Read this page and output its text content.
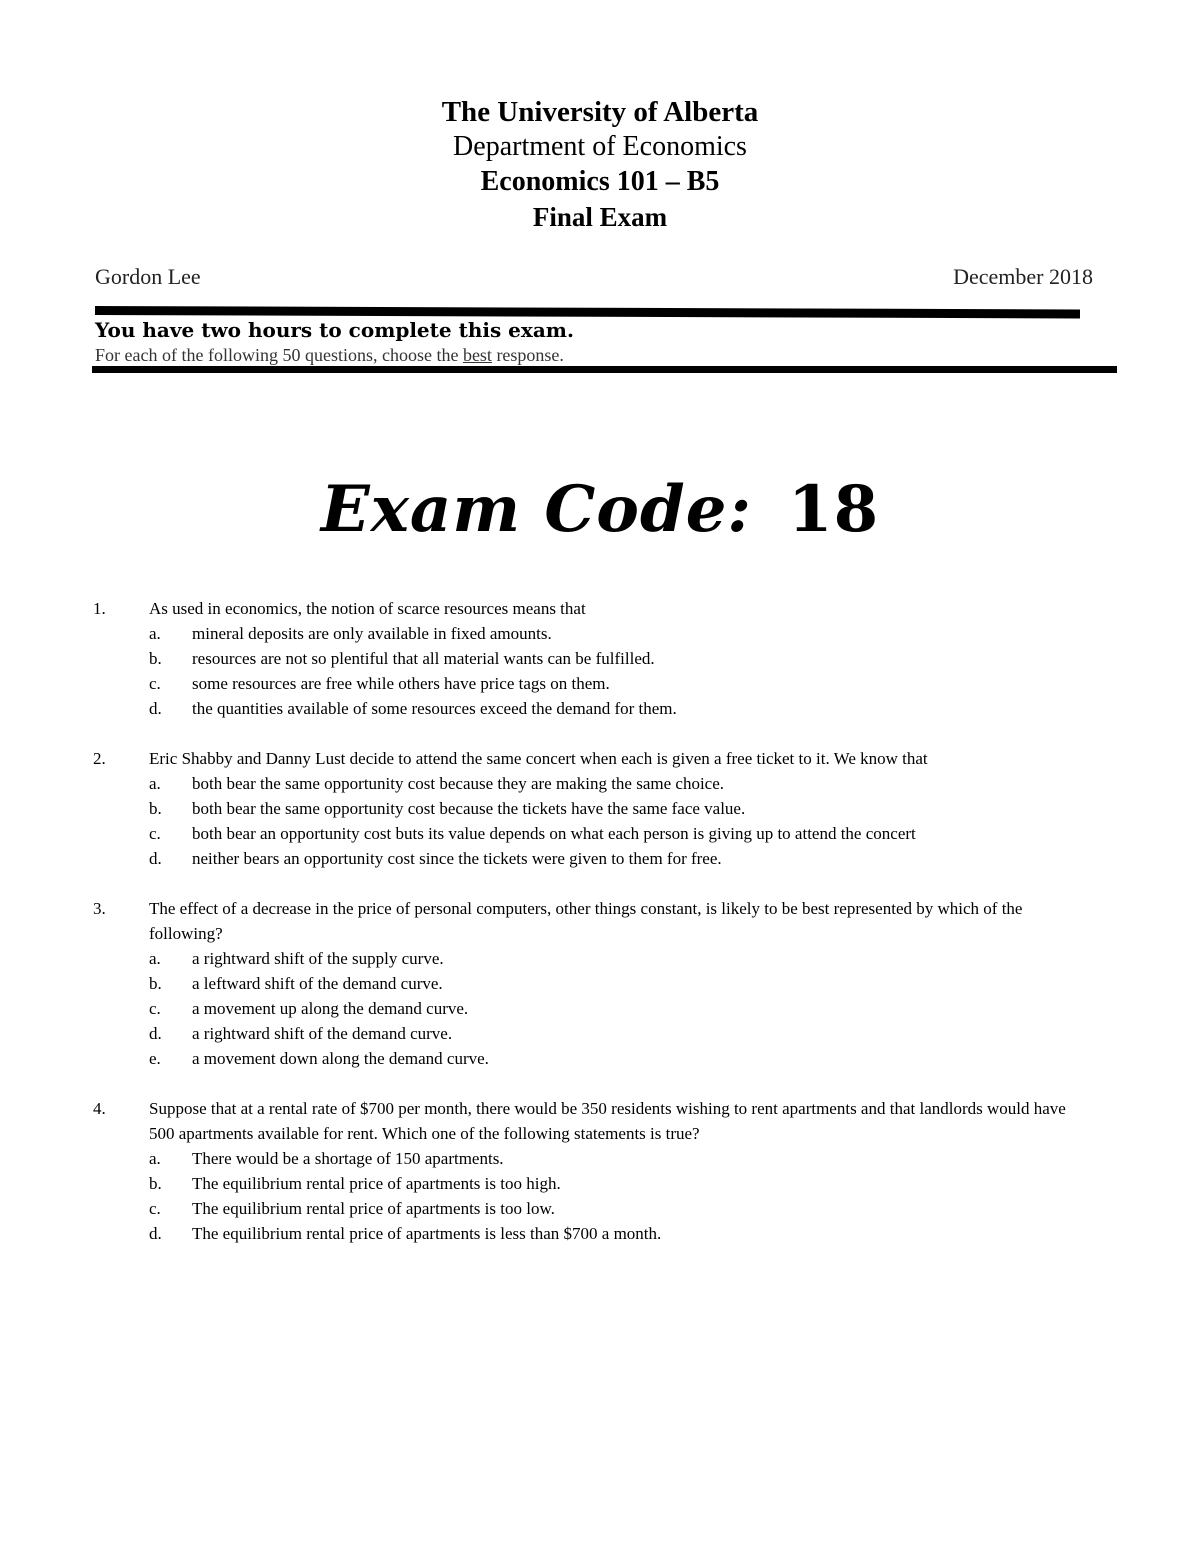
The University of Alberta
Department of Economics
Economics 101 – B5
Final Exam
Gordon Lee	December 2018
You have two hours to complete this exam.
For each of the following 50 questions, choose the best response.
Exam Code: 18
1.	As used in economics, the notion of scarce resources means that
a. mineral deposits are only available in fixed amounts.
b. resources are not so plentiful that all material wants can be fulfilled.
c. some resources are free while others have price tags on them.
d. the quantities available of some resources exceed the demand for them.
2.	Eric Shabby and Danny Lust decide to attend the same concert when each is given a free ticket to it. We know that
a. both bear the same opportunity cost because they are making the same choice.
b. both bear the same opportunity cost because the tickets have the same face value.
c. both bear an opportunity cost buts its value depends on what each person is giving up to attend the concert
d. neither bears an opportunity cost since the tickets were given to them for free.
3.	The effect of a decrease in the price of personal computers, other things constant, is likely to be best represented by which of the following?
a. a rightward shift of the supply curve.
b. a leftward shift of the demand curve.
c. a movement up along the demand curve.
d. a rightward shift of the demand curve.
e. a movement down along the demand curve.
4.	Suppose that at a rental rate of $700 per month, there would be 350 residents wishing to rent apartments and that landlords would have 500 apartments available for rent. Which one of the following statements is true?
a. There would be a shortage of 150 apartments.
b. The equilibrium rental price of apartments is too high.
c. The equilibrium rental price of apartments is too low.
d. The equilibrium rental price of apartments is less than $700 a month.
